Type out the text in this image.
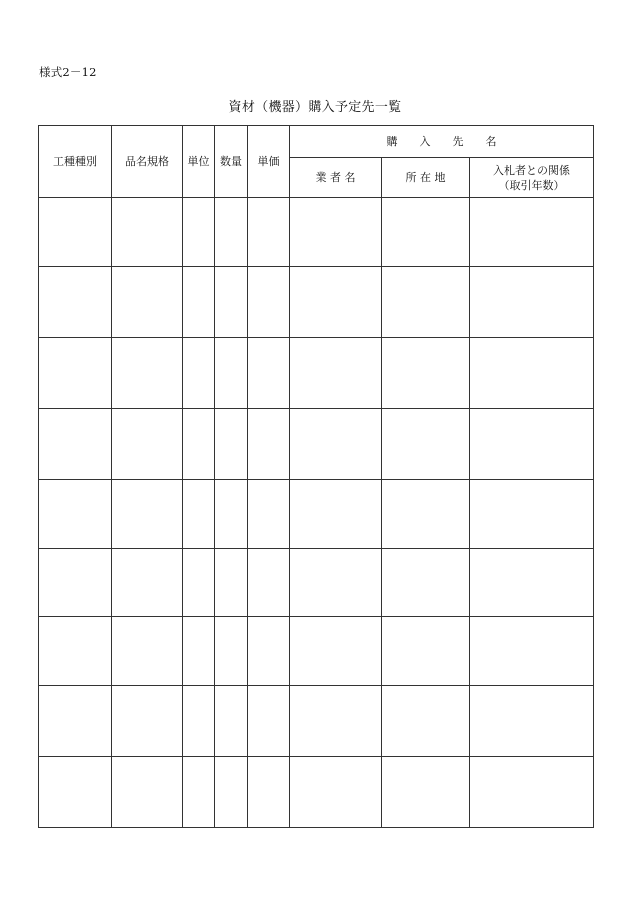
様式2－12
資材（機器）購入予定先一覧
工種種別	品名規格	単位	数量	単価	購　　入　　先　　名		
					業 者 名	所 在 地	入札者との関係
（取引年数）
